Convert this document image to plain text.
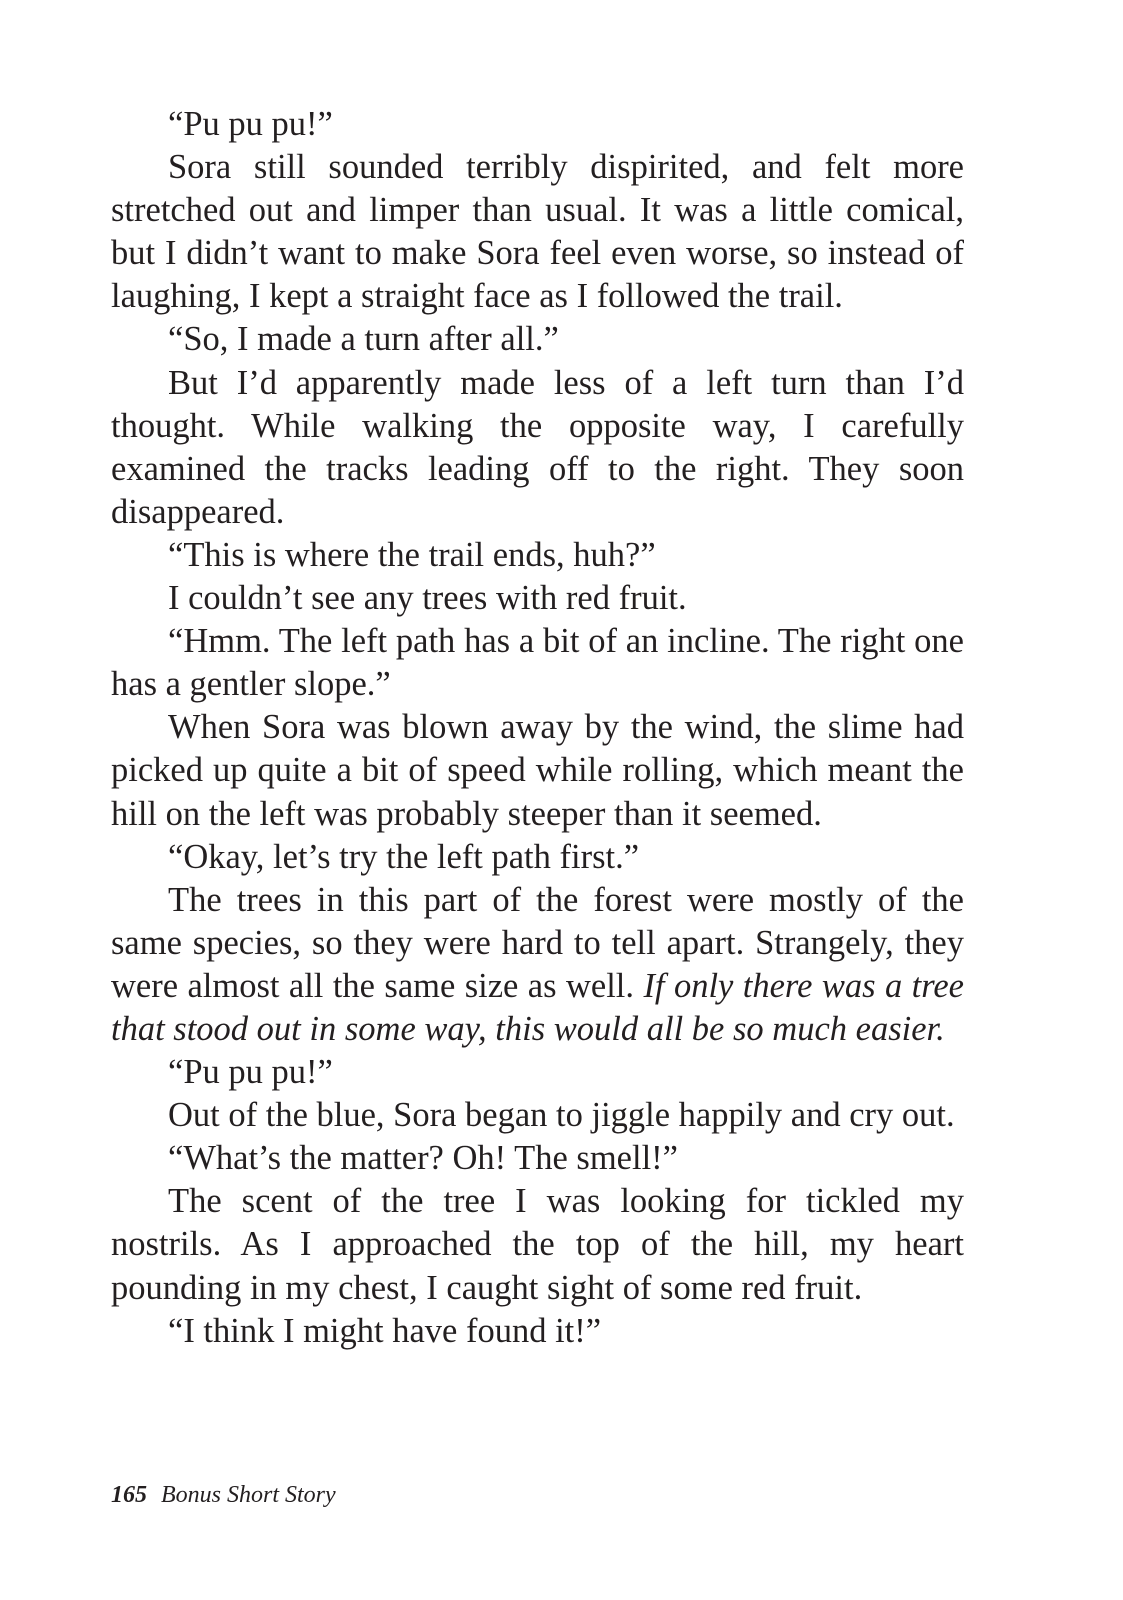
“Pu pu pu!”

Sora still sounded terribly dispirited, and felt more stretched out and limper than usual. It was a little comical, but I didn’t want to make Sora feel even worse, so instead of laughing, I kept a straight face as I followed the trail.

“So, I made a turn after all.”

But I’d apparently made less of a left turn than I’d thought. While walking the opposite way, I carefully examined the tracks leading off to the right. They soon disappeared.

“This is where the trail ends, huh?”

I couldn’t see any trees with red fruit.

“Hmm. The left path has a bit of an incline. The right one has a gentler slope.”

When Sora was blown away by the wind, the slime had picked up quite a bit of speed while rolling, which meant the hill on the left was probably steeper than it seemed.

“Okay, let’s try the left path first.”

The trees in this part of the forest were mostly of the same species, so they were hard to tell apart. Strangely, they were almost all the same size as well. If only there was a tree that stood out in some way, this would all be so much easier.

“Pu pu pu!”

Out of the blue, Sora began to jiggle happily and cry out.

“What’s the matter? Oh! The smell!”

The scent of the tree I was looking for tickled my nostrils. As I approached the top of the hill, my heart pounding in my chest, I caught sight of some red fruit.

“I think I might have found it!”

165 Bonus Short Story
